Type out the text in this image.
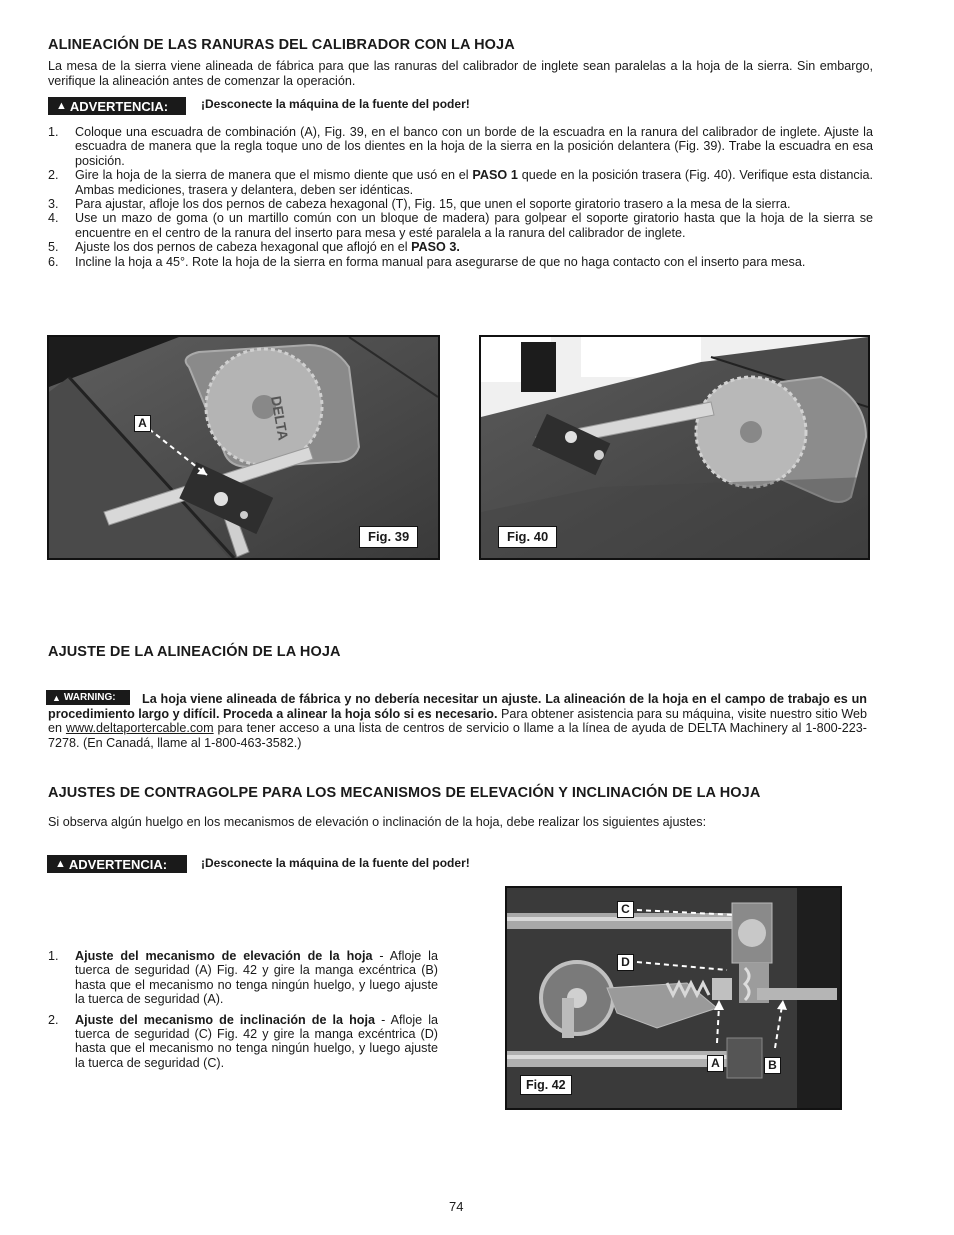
ALINEACIÓN DE LAS RANURAS DEL CALIBRADOR CON LA HOJA
La mesa de la sierra viene alineada de fábrica para que las ranuras del calibrador de inglete sean paralelas a la hoja de la sierra. Sin embargo, verifique la alineación antes de comenzar la operación.
▲ ADVERTENCIA:	¡Desconecte la máquina de la fuente del poder!
1. Coloque una escuadra de combinación (A), Fig. 39, en el banco con un borde de la escuadra en la ranura del calibrador de inglete. Ajuste la escuadra de manera que la regla toque uno de los dientes en la hoja de la sierra en la posición delantera (Fig. 39). Trabe la escuadra en esa posición.
2. Gire la hoja de la sierra de manera que el mismo diente que usó en el PASO 1 quede en la posición trasera (Fig. 40). Verifique esta distancia. Ambas mediciones, trasera y delantera, deben ser idénticas.
3. Para ajustar, afloje los dos pernos de cabeza hexagonal (T), Fig. 15, que unen el soporte giratorio trasero a la mesa de la sierra.
4. Use un mazo de goma (o un martillo común con un bloque de madera) para golpear el soporte giratorio hasta que la hoja de la sierra se encuentre en el centro de la ranura del inserto para mesa y esté paralela a la ranura del calibrador de inglete.
5. Ajuste los dos pernos de cabeza hexagonal que aflojó en el PASO 3.
6. Incline la hoja a 45°. Rote la hoja de la sierra en forma manual para asegurarse de que no haga contacto con el inserto para mesa.
DELTA
A
Fig. 39	Fig. 40
AJUSTE DE LA ALINEACIÓN DE LA HOJA
▲ WARNING:	La hoja viene alineada de fábrica y no debería necesitar un ajuste. La alineación de la hoja en el campo de trabajo es un procedimiento largo y difícil. Proceda a alinear la hoja sólo si es necesario. Para obtener asistencia para su máquina, visite nuestro sitio Web en www.deltaportercable.com para tener acceso a una lista de centros de servicio o llame a la línea de ayuda de DELTA Machinery al 1-800-223-7278. (En Canadá, llame al 1-800-463-3582.)
AJUSTES DE CONTRAGOLPE PARA LOS MECANISMOS DE ELEVACIÓN Y INCLINACIÓN DE LA HOJA
Si observa algún huelgo en los mecanismos de elevación o inclinación de la hoja, debe realizar los siguientes ajustes:
▲ ADVERTENCIA:	¡Desconecte la máquina de la fuente del poder!
1. Ajuste del mecanismo de elevación de la hoja - Afloje la tuerca de seguridad (A) Fig. 42 y gire la manga excéntrica (B) hasta que el mecanismo no tenga ningún huelgo, y luego ajuste la tuerca de seguridad (A).
2. Ajuste del mecanismo de inclinación de la hoja - Afloje la tuerca de seguridad (C) Fig. 42 y gire la manga excéntrica (D) hasta que el mecanismo no tenga ningún huelgo, y luego ajuste la tuerca de seguridad (C).
C
D
A	B
Fig. 42
74
